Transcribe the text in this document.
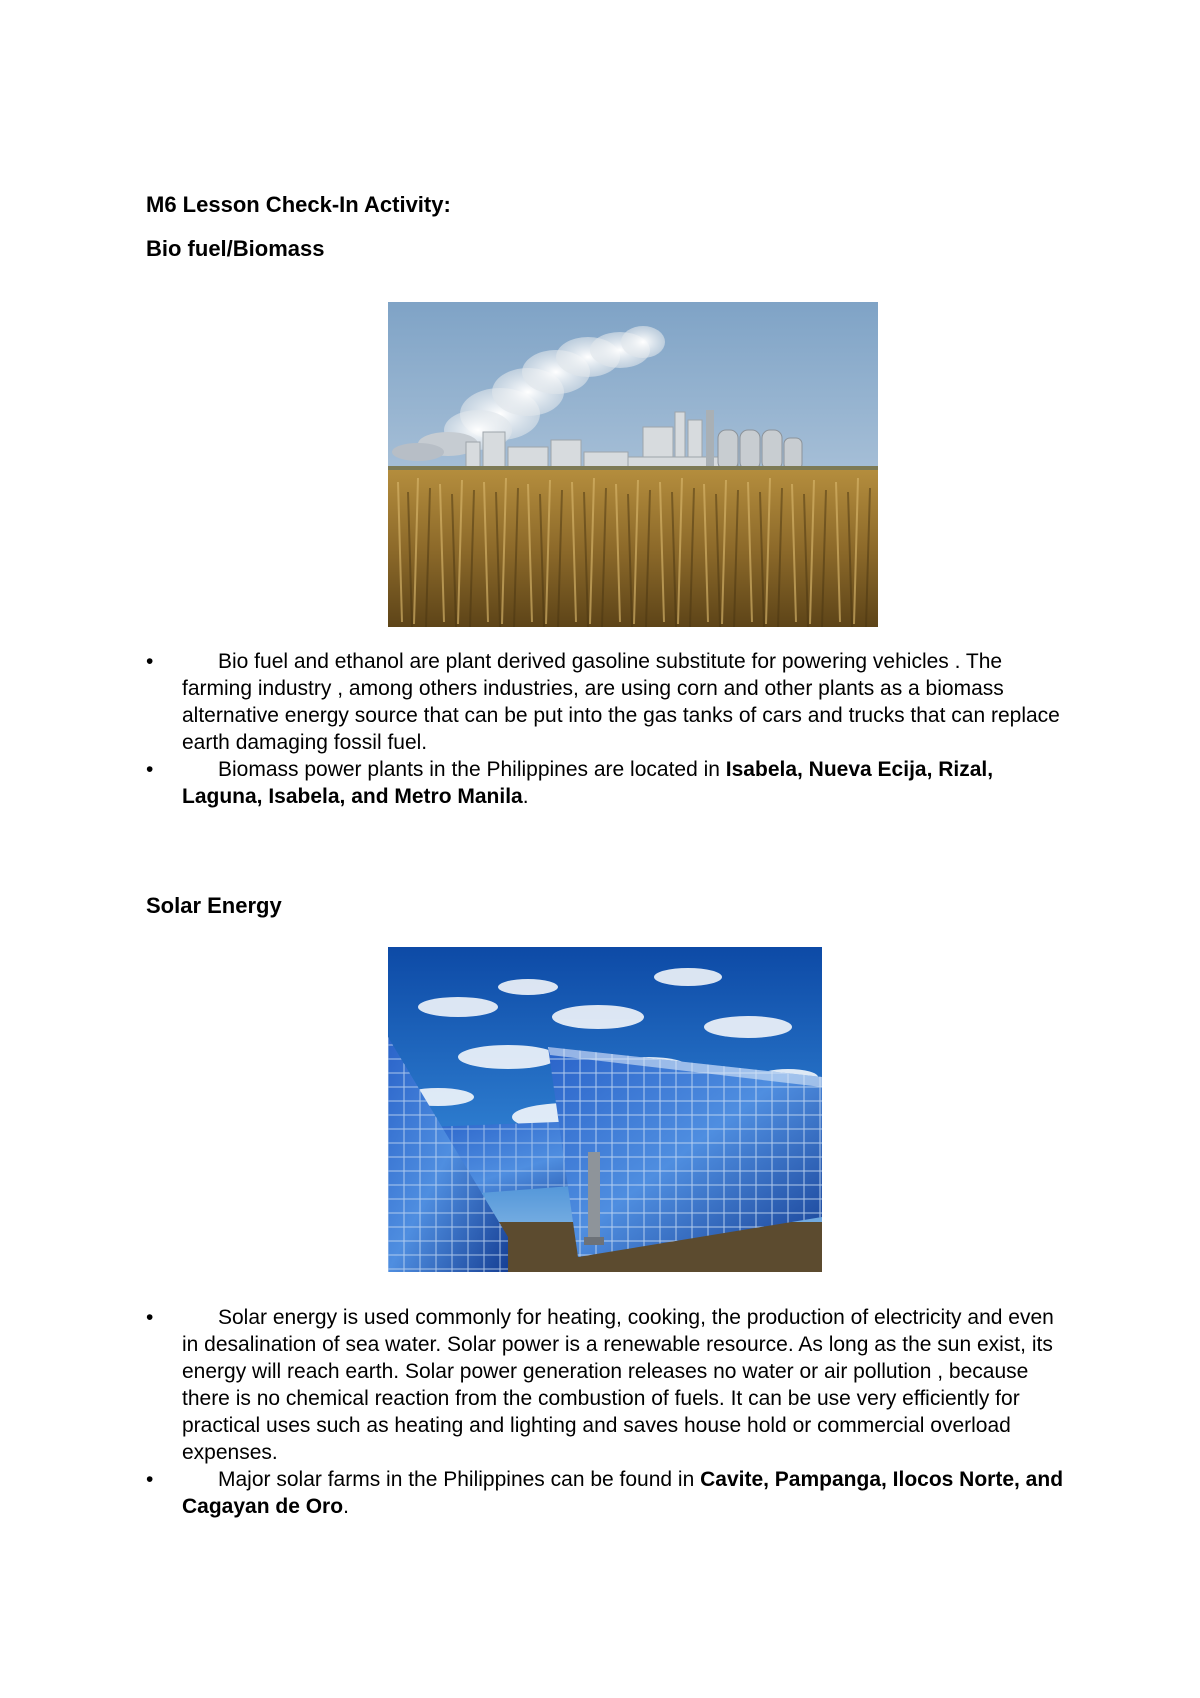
M6 Lesson Check-In Activity:
Bio fuel/Biomass
•	Bio fuel and ethanol are plant derived gasoline substitute for powering vehicles . The farming industry , among others industries, are using corn and other plants as a biomass alternative energy source that can be put into the gas tanks of cars and trucks that can replace earth damaging fossil fuel.
•	Biomass power plants in the Philippines are located in Isabela, Nueva Ecija, Rizal, Laguna, Isabela, and Metro Manila.
Solar Energy
•	Solar energy is used commonly for heating, cooking, the production of electricity and even in desalination of sea water. Solar power is a renewable resource. As long as the sun exist, its energy will reach earth. Solar power generation releases no water or air pollution , because there is no chemical reaction from the combustion of fuels. It can be use very efficiently for practical uses such as heating and lighting and saves house hold or commercial overload expenses.
•	Major solar farms in the Philippines can be found in Cavite, Pampanga, Ilocos Norte, and Cagayan de Oro.
